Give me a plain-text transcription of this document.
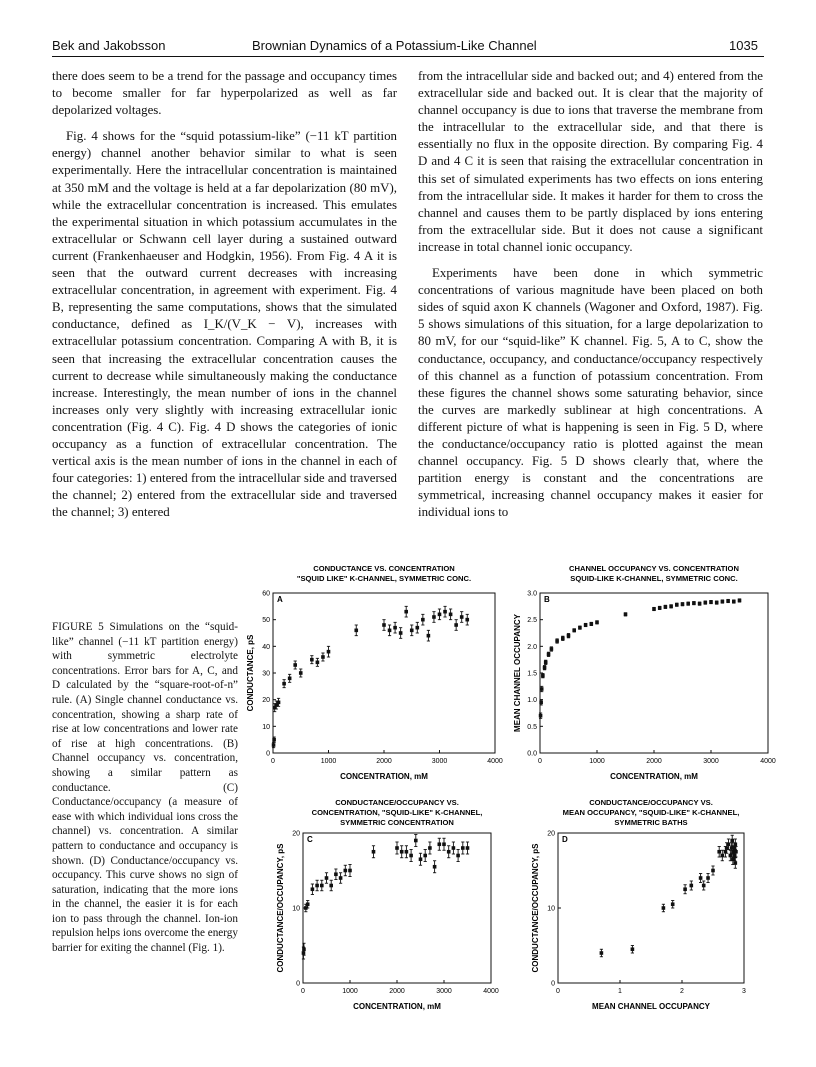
Bek and Jakobsson	Brownian Dynamics of a Potassium-Like Channel	1035

there does seem to be a trend for the passage and occupancy times to become smaller for far hyperpolarized as well as far depolarized voltages.

Fig. 4 shows for the “squid potassium-like” (−11 kT partition energy) channel another behavior similar to what is seen experimentally. Here the intracellular concentration is maintained at 350 mM and the voltage is held at a far depolarization (80 mV), while the extracellular concentration is increased. This emulates the experimental situation in which potassium accumulates in the extracellular or Schwann cell layer during a sustained outward current (Frankenhaeuser and Hodgkin, 1956). From Fig. 4 A it is seen that the outward current decreases with increasing extracellular concentration, in agreement with experiment. Fig. 4 B, representing the same computations, shows that the simulated conductance, defined as I_K/(V_K − V), increases with extracellular potassium concentration. Comparing A with B, it is seen that increasing the extracellular concentration causes the current to decrease while simultaneously making the conductance increase. Interestingly, the mean number of ions in the channel increases only very slightly with increasing extracellular ionic concentration (Fig. 4 C). Fig. 4 D shows the categories of ionic occupancy as a function of extracellular concentration. The vertical axis is the mean number of ions in the channel in each of four categories: 1) entered from the intracellular side and traversed the channel; 2) entered from the extracellular side and traversed the channel; 3) entered

from the intracellular side and backed out; and 4) entered from the extracellular side and backed out. It is clear that the majority of channel occupancy is due to ions that traverse the membrane from the intracellular to the extracellular side, and that there is essentially no flux in the opposite direction. By comparing Fig. 4 D and 4 C it is seen that raising the extracellular concentration in this set of simulated experiments has two effects on ions entering from the intracellular side. It makes it harder for them to cross the channel and causes them to be partly displaced by ions entering from the extracellular side. But it does not cause a significant increase in total channel ionic occupancy.

Experiments have been done in which symmetric concentrations of various magnitude have been placed on both sides of squid axon K channels (Wagoner and Oxford, 1987). Fig. 5 shows simulations of this situation, for a large depolarization to 80 mV, for our “squid-like” K channel. Fig. 5, A to C, show the conductance, occupancy, and conductance/occupancy respectively of this channel as a function of potassium concentration. From these figures the channel shows some saturating behavior, since the curves are markedly sublinear at high concentrations. A different picture of what is happening is seen in Fig. 5 D, where the conductance/occupancy ratio is plotted against the mean channel occupancy. Fig. 5 D shows clearly that, where the partition energy is constant and the concentrations are symmetrical, increasing channel occupancy makes it easier for individual ions to

FIGURE 5 Simulations on the “squid-like” channel (−11 kT partition energy) with symmetric electrolyte concentrations. Error bars for A, C, and D calculated by the “square-root-of-n” rule. (A) Single channel conductance vs. concentration, showing a sharp rate of rise at low concentrations and lower rate of rise at high concentrations. (B) Channel occupancy vs. concentration, showing a similar pattern as conductance. (C) Conductance/occupancy (a measure of ease with which individual ions cross the channel) vs. concentration. A similar pattern to conductance and occupancy is shown. (D) Conductance/occupancy vs. occupancy. This curve shows no sign of saturation, indicating that the more ions in the channel, the easier it is for each ion to pass through the channel. Ion-ion repulsion helps ions overcome the energy barrier for exiting the channel (Fig. 1).
CONDUCTANCE VS. CONCENTRATION
"SQUID LIKE" K-CHANNEL, SYMMETRIC CONC.
A
0	1000	2000	3000	4000
0
10
20
30
40
50
60
CONCENTRATION, mM
CONDUCTANCE, pS
CHANNEL OCCUPANCY VS. CONCENTRATION
SQUID-LIKE K-CHANNEL, SYMMETRIC CONC.
B
0	1000	2000	3000	4000
0.0
0.5
1.0
1.5
2.0
2.5
3.0
CONCENTRATION, mM
MEAN CHANNEL OCCUPANCY
CONDUCTANCE/OCCUPANCY VS.
CONCENTRATION, "SQUID-LIKE" K-CHANNEL,
SYMMETRIC CONCENTRATION
C
0	1000	2000	3000	4000
0
10
20
CONCENTRATION, mM
CONDUCTANCE/OCCUPANCY, pS
CONDUCTANCE/OCCUPANCY VS.
MEAN OCCUPANCY, "SQUID-LIKE" K-CHANNEL,
SYMMETRIC BATHS
D
0	1	2	3
0
10
20
MEAN CHANNEL OCCUPANCY
CONDUCTANCE/OCCUPANCY, pS
